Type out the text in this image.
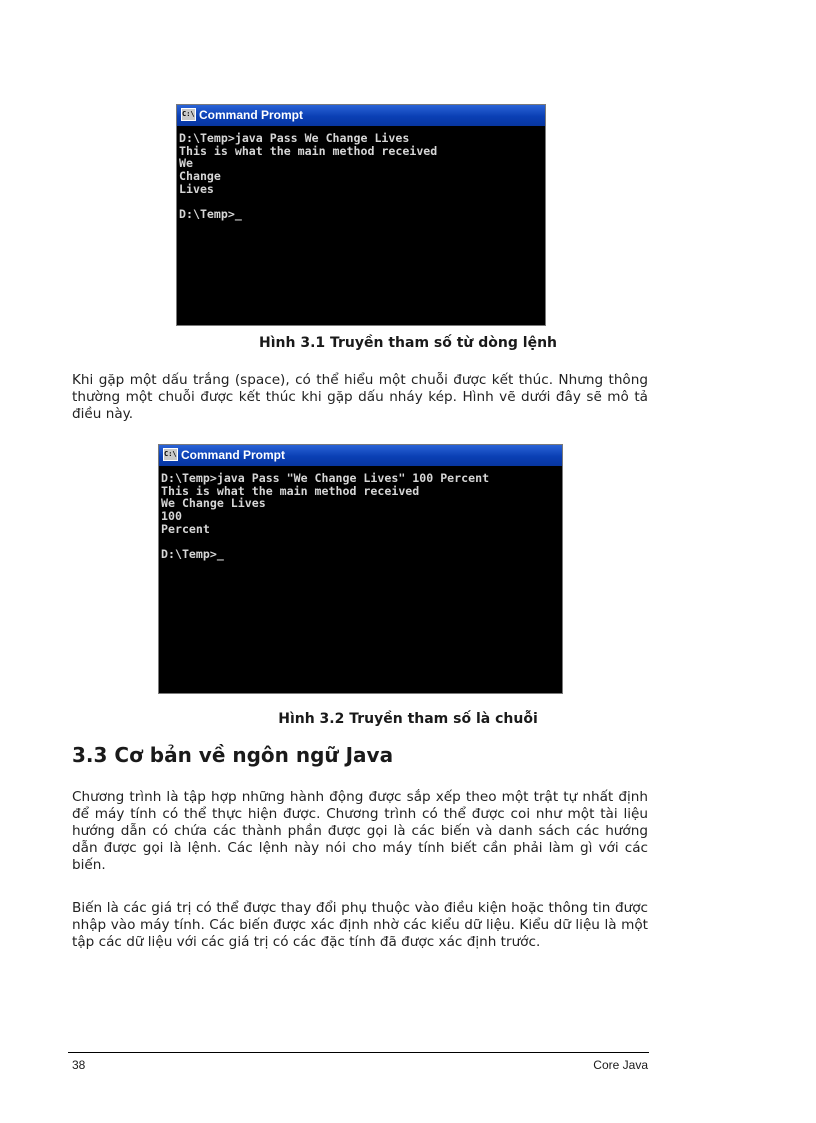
C:\ Command Prompt
D:\Temp>java Pass We Change Lives
This is what the main method received
We
Change
Lives
D:\Temp>_
Hình 3.1 Truyền tham số từ dòng lệnh
Khi gặp một dấu trắng (space), có thể hiểu một chuỗi được kết thúc. Nhưng thông thường một chuỗi được kết thúc khi gặp dấu nháy kép. Hình vẽ dưới đây sẽ mô tả điều này.
C:\ Command Prompt
D:\Temp>java Pass "We Change Lives" 100 Percent
This is what the main method received
We Change Lives
100
Percent
D:\Temp>_
Hình 3.2 Truyền tham số là chuỗi
3.3 Cơ bản về ngôn ngữ Java
Chương trình là tập hợp những hành động được sắp xếp theo một trật tự nhất định để máy tính có thể thực hiện được. Chương trình có thể được coi như một tài liệu hướng dẫn có chứa các thành phần được gọi là các biến và danh sách các hướng dẫn được gọi là lệnh. Các lệnh này nói cho máy tính biết cần phải làm gì với các biến.
Biến là các giá trị có thể được thay đổi phụ thuộc vào điều kiện hoặc thông tin được nhập vào máy tính. Các biến được xác định nhờ các kiểu dữ liệu. Kiểu dữ liệu là một tập các dữ liệu với các giá trị có các đặc tính đã được xác định trước.
38	Core Java
